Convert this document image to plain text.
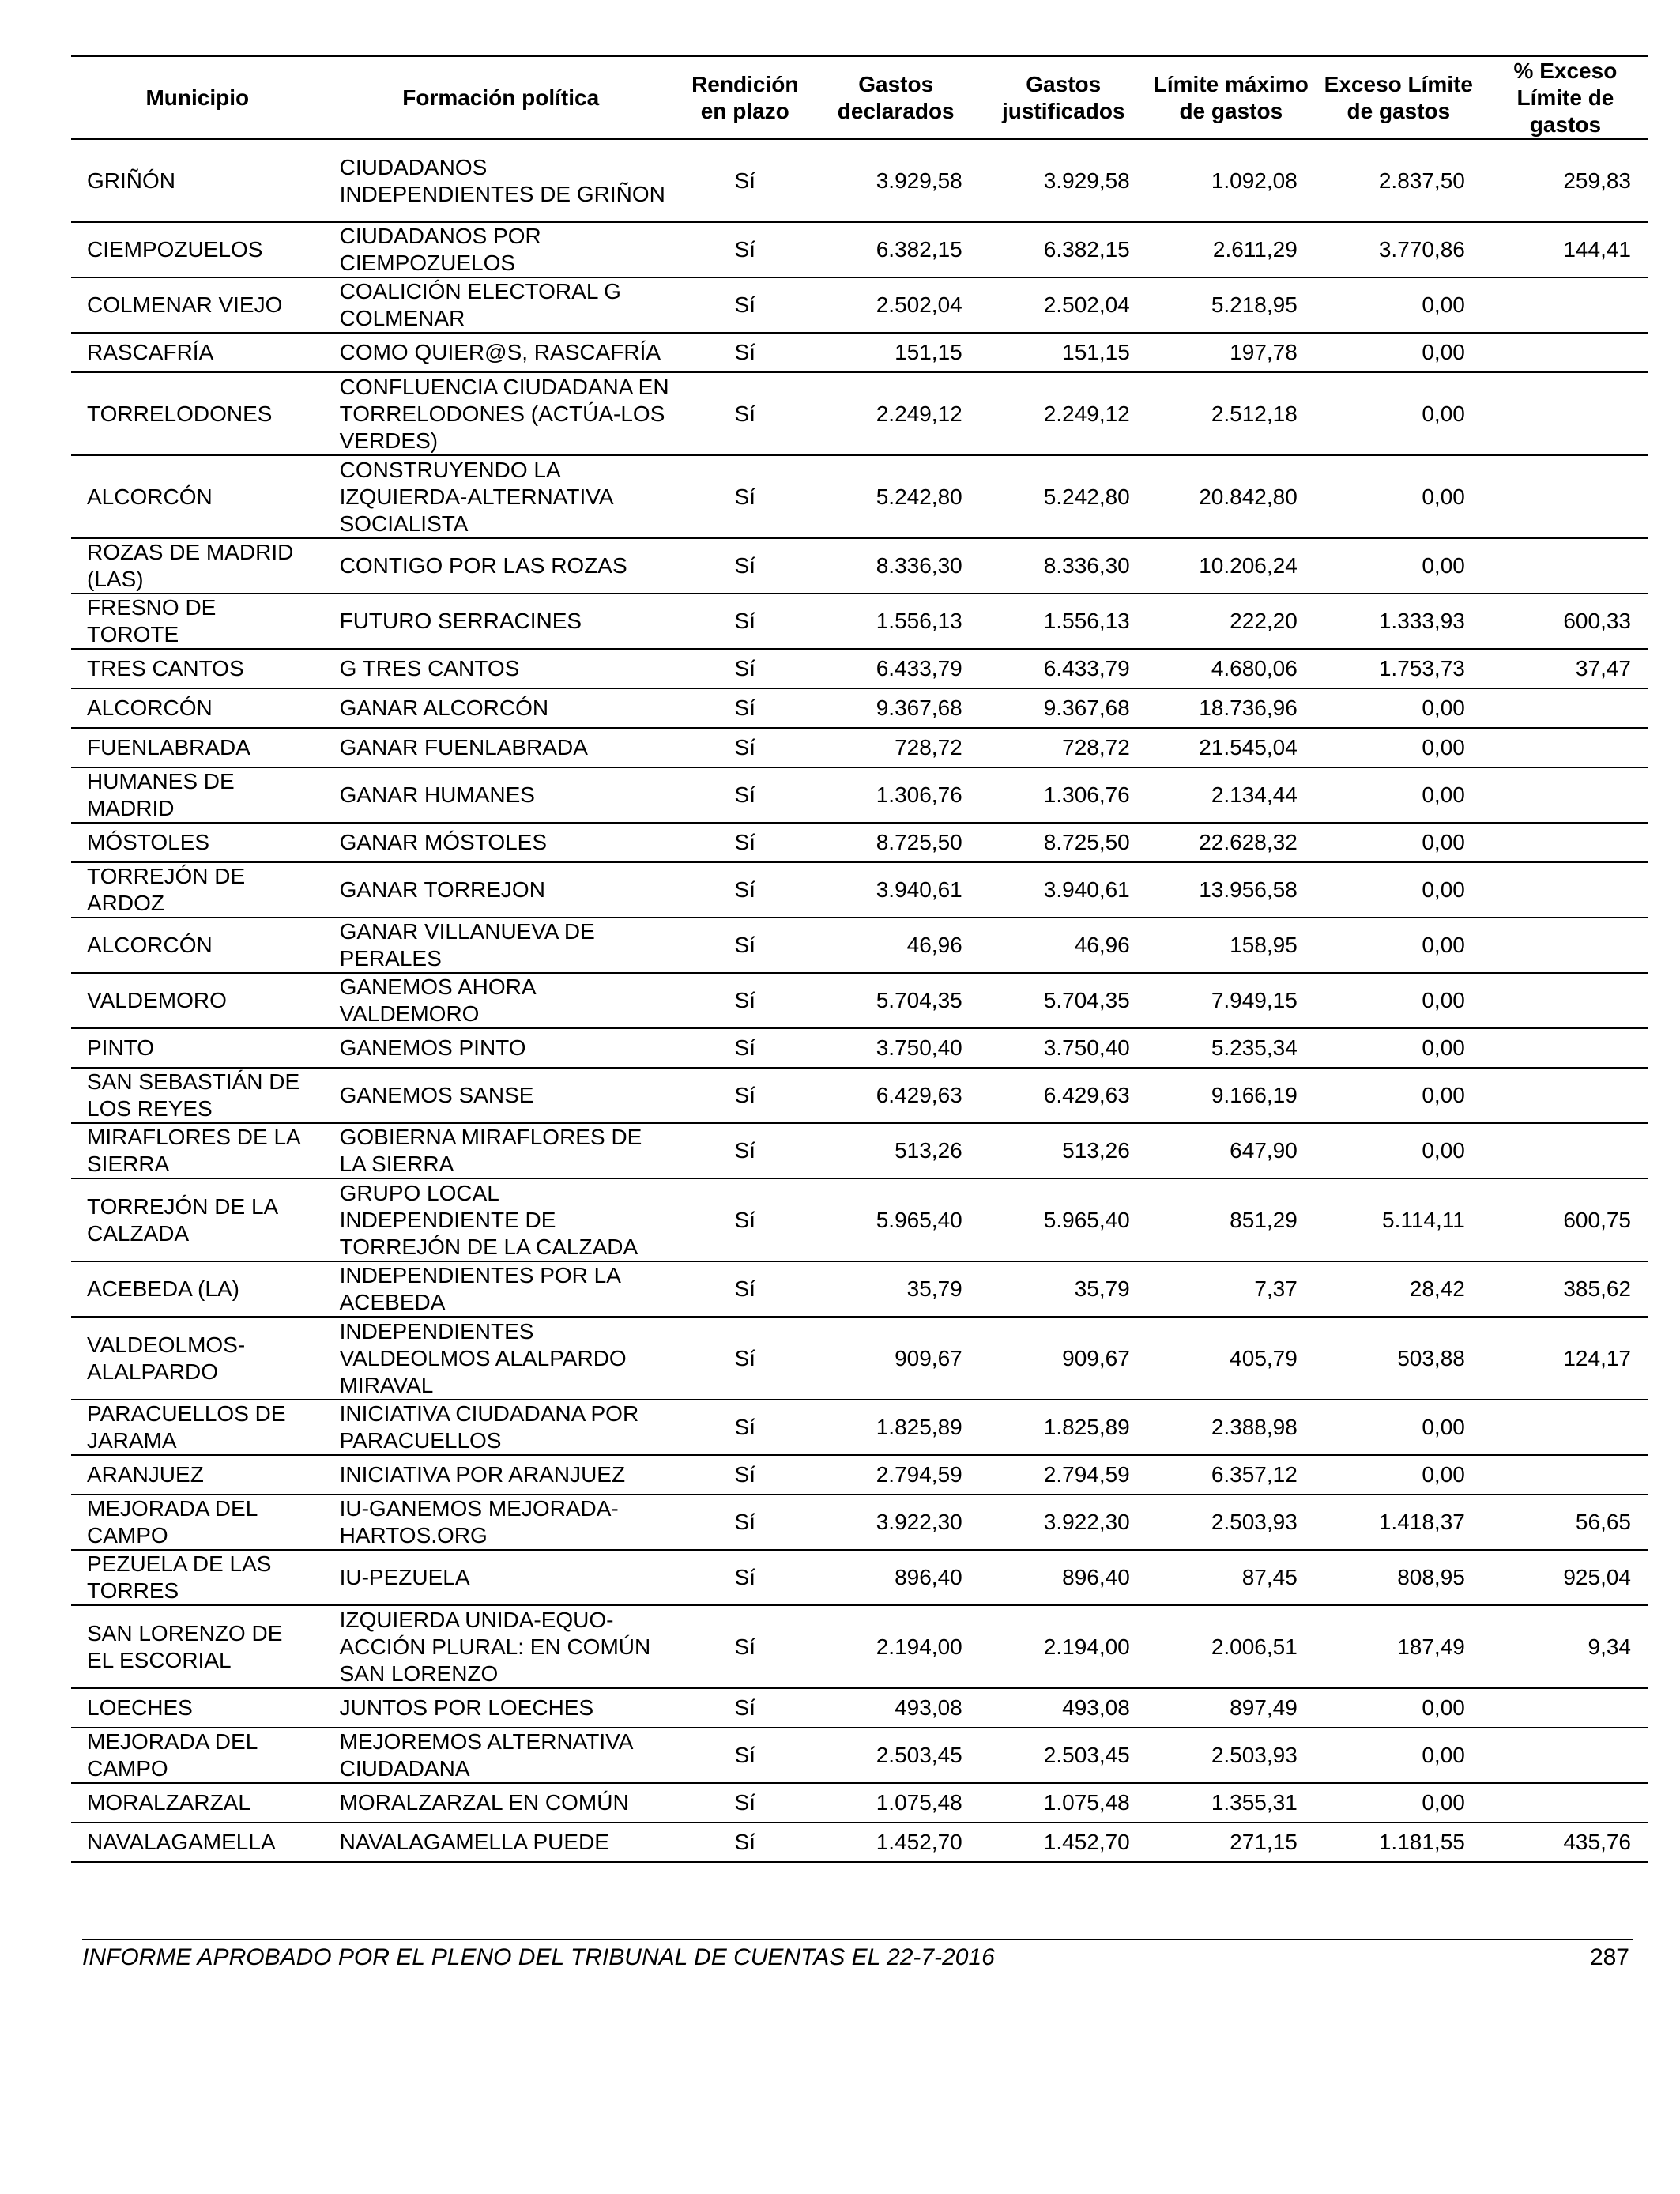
Municipio	Formación política	Rendición en plazo	Gastos declarados	Gastos justificados	Límite máximo de gastos	Exceso Límite de gastos	% Exceso Límite de gastos
GRIÑÓN	CIUDADANOS INDEPENDIENTES DE GRIÑON	Sí	3.929,58	3.929,58	1.092,08	2.837,50	259,83
CIEMPOZUELOS	CIUDADANOS POR CIEMPOZUELOS	Sí	6.382,15	6.382,15	2.611,29	3.770,86	144,41
COLMENAR VIEJO	COALICIÓN ELECTORAL G COLMENAR	Sí	2.502,04	2.502,04	5.218,95	0,00	
RASCAFRÍA	COMO QUIER@S, RASCAFRÍA	Sí	151,15	151,15	197,78	0,00	
TORRELODONES	CONFLUENCIA CIUDADANA EN TORRELODONES (ACTÚA-LOS VERDES)	Sí	2.249,12	2.249,12	2.512,18	0,00	
ALCORCÓN	CONSTRUYENDO LA IZQUIERDA-ALTERNATIVA SOCIALISTA	Sí	5.242,80	5.242,80	20.842,80	0,00	
ROZAS DE MADRID (LAS)	CONTIGO POR LAS ROZAS	Sí	8.336,30	8.336,30	10.206,24	0,00	
FRESNO DE TOROTE	FUTURO SERRACINES	Sí	1.556,13	1.556,13	222,20	1.333,93	600,33
TRES CANTOS	G TRES CANTOS	Sí	6.433,79	6.433,79	4.680,06	1.753,73	37,47
ALCORCÓN	GANAR ALCORCÓN	Sí	9.367,68	9.367,68	18.736,96	0,00	
FUENLABRADA	GANAR FUENLABRADA	Sí	728,72	728,72	21.545,04	0,00	
HUMANES DE MADRID	GANAR HUMANES	Sí	1.306,76	1.306,76	2.134,44	0,00	
MÓSTOLES	GANAR MÓSTOLES	Sí	8.725,50	8.725,50	22.628,32	0,00	
TORREJÓN DE ARDOZ	GANAR TORREJON	Sí	3.940,61	3.940,61	13.956,58	0,00	
ALCORCÓN	GANAR VILLANUEVA DE PERALES	Sí	46,96	46,96	158,95	0,00	
VALDEMORO	GANEMOS AHORA VALDEMORO	Sí	5.704,35	5.704,35	7.949,15	0,00	
PINTO	GANEMOS PINTO	Sí	3.750,40	3.750,40	5.235,34	0,00	
SAN SEBASTIÁN DE LOS REYES	GANEMOS SANSE	Sí	6.429,63	6.429,63	9.166,19	0,00	
MIRAFLORES DE LA SIERRA	GOBIERNA MIRAFLORES DE LA SIERRA	Sí	513,26	513,26	647,90	0,00	
TORREJÓN DE LA CALZADA	GRUPO LOCAL INDEPENDIENTE DE TORREJÓN DE LA CALZADA	Sí	5.965,40	5.965,40	851,29	5.114,11	600,75
ACEBEDA (LA)	INDEPENDIENTES POR LA ACEBEDA	Sí	35,79	35,79	7,37	28,42	385,62
VALDEOLMOS-ALALPARDO	INDEPENDIENTES VALDEOLMOS ALALPARDO MIRAVAL	Sí	909,67	909,67	405,79	503,88	124,17
PARACUELLOS DE JARAMA	INICIATIVA CIUDADANA POR PARACUELLOS	Sí	1.825,89	1.825,89	2.388,98	0,00	
ARANJUEZ	INICIATIVA POR ARANJUEZ	Sí	2.794,59	2.794,59	6.357,12	0,00	
MEJORADA DEL CAMPO	IU-GANEMOS MEJORADA-HARTOS.ORG	Sí	3.922,30	3.922,30	2.503,93	1.418,37	56,65
PEZUELA DE LAS TORRES	IU-PEZUELA	Sí	896,40	896,40	87,45	808,95	925,04
SAN LORENZO DE EL ESCORIAL	IZQUIERDA UNIDA-EQUO-ACCIÓN PLURAL: EN COMÚN SAN LORENZO	Sí	2.194,00	2.194,00	2.006,51	187,49	9,34
LOECHES	JUNTOS POR LOECHES	Sí	493,08	493,08	897,49	0,00	
MEJORADA DEL CAMPO	MEJOREMOS ALTERNATIVA CIUDADANA	Sí	2.503,45	2.503,45	2.503,93	0,00	
MORALZARZAL	MORALZARZAL EN COMÚN	Sí	1.075,48	1.075,48	1.355,31	0,00	
NAVALAGAMELLA	NAVALAGAMELLA PUEDE	Sí	1.452,70	1.452,70	271,15	1.181,55	435,76
INFORME APROBADO POR EL PLENO DEL TRIBUNAL DE CUENTAS EL 22-7-2016	287
